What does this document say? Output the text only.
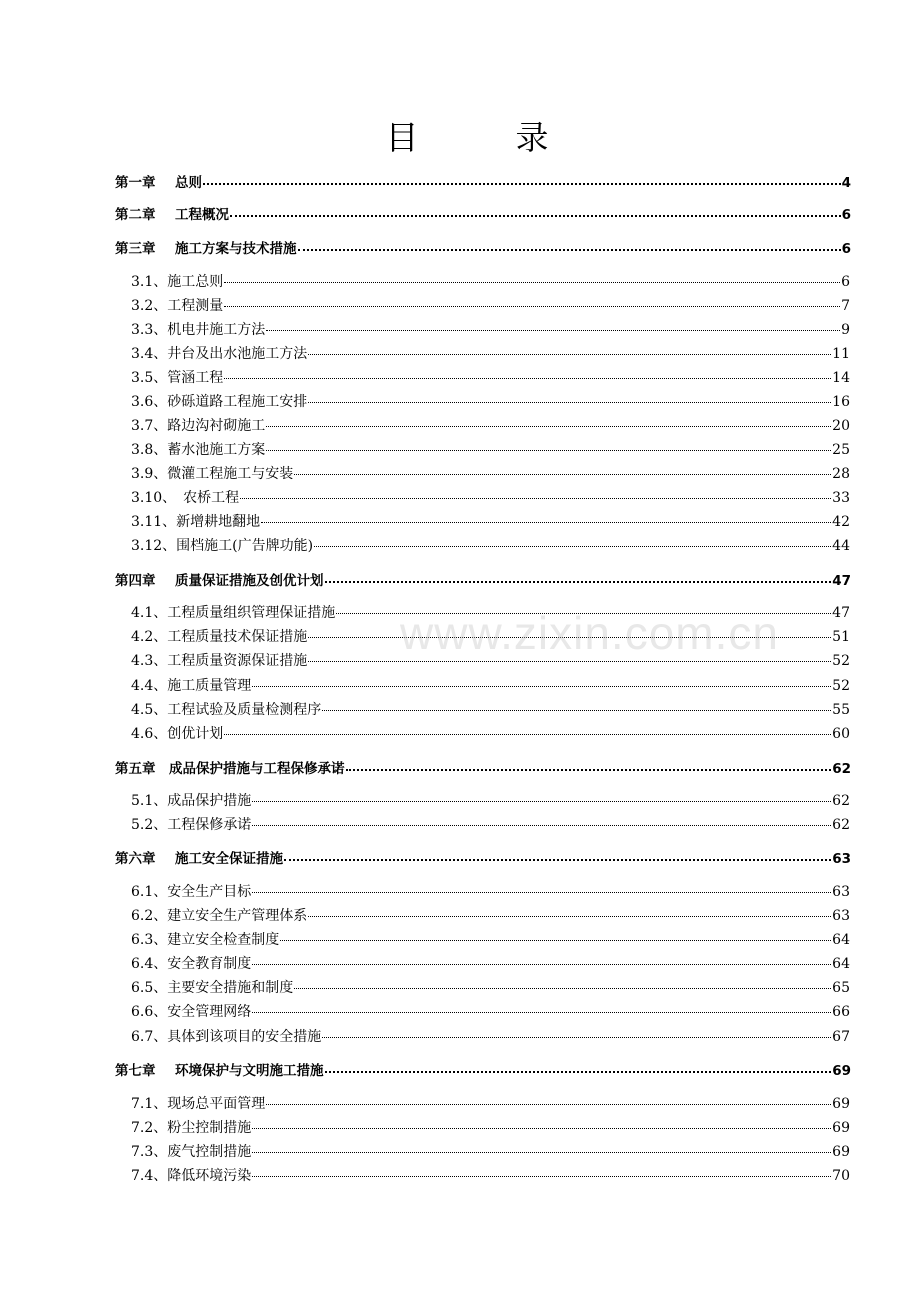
目　录
第一章 总则	4
第二章 工程概况	6
第三章 施工方案与技术措施	6
3.1、施工总则	6
3.2、工程测量	7
3.3、机电井施工方法	9
3.4、井台及出水池施工方法	11
3.5、管涵工程	14
3.6、砂砾道路工程施工安排	16
3.7、路边沟衬砌施工	20
3.8、蓄水池施工方案	25
3.9、微灌工程施工与安装	28
3.10、　农桥工程	33
3.11、新增耕地翻地	42
3.12、围档施工(广告牌功能)	44
第四章 质量保证措施及创优计划	47
4.1、工程质量组织管理保证措施	47
4.2、工程质量技术保证措施	51
4.3、工程质量资源保证措施	52
4.4、施工质量管理	52
4.5、工程试验及质量检测程序	55
4.6、创优计划	60
第五章 成品保护措施与工程保修承诺	62
5.1、成品保护措施	62
5.2、工程保修承诺	62
第六章 施工安全保证措施	63
6.1、安全生产目标	63
6.2、建立安全生产管理体系	63
6.3、建立安全检查制度	64
6.4、安全教育制度	64
6.5、主要安全措施和制度	65
6.6、安全管理网络	66
6.7、具体到该项目的安全措施	67
第七章 环境保护与文明施工措施	69
7.1、现场总平面管理	69
7.2、粉尘控制措施	69
7.3、废气控制措施	69
7.4、降低环境污染	70
www.zixin.com.cn
